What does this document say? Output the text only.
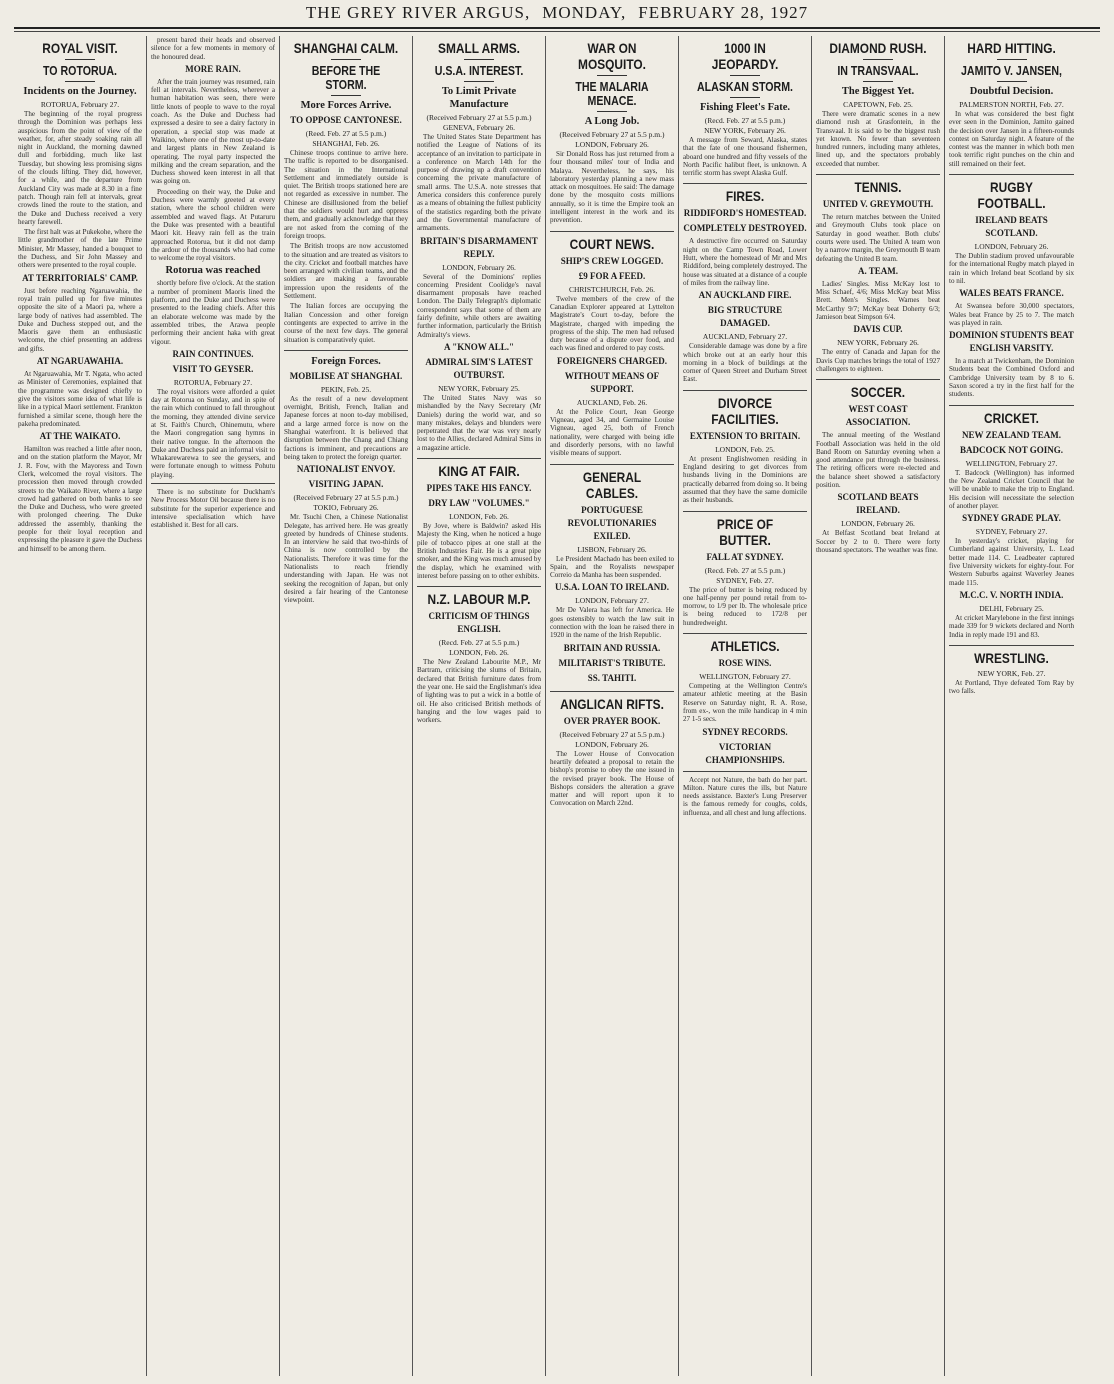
THE GREY RIVER ARGUS, MONDAY, FEBRUARY 28, 1927
ROYAL VISIT.
TO ROTORUA.
Incidents on the Journey.
ROTORUA, February 27.

The beginning of the royal progress through the Dominion was perhaps less auspicious from the point of view of the weather, for, after steady soaking rain all night in Auckland, the morning dawned dull and forbidding, much like last Tuesday, but showing less promising signs of the clouds lifting. They did, however, for a while, and the departure from Auckland City was made at 8.30 in a fine patch. Though rain fell at intervals, great crowds lined the route to the station, and the Duke and Duchess received a very hearty farewell.

The first halt was at Pukekohe, where the little grandmother of the late Prime Minister, Mr Massey, handed a bouquet to the Duchess, and Sir John Massey and others were presented to the royal couple.

AT TERRITORIALS' CAMP.

Just before reaching Ngaruawahia, the royal train pulled up for five minutes opposite the site of a Maori pa, where a large body of natives had assembled. The Duke and Duchess stepped out, and the Maoris gave them an enthusiastic welcome, the chief presenting an address and gifts.

AT NGARUAWAHIA.

At Ngaruawahia, Mr T. Ngata, who acted as Minister of Ceremonies, explained that the programme was designed chiefly to give the visitors some idea of what life is like in a typical Maori settlement. Frankton furnished a similar scene, though here the pakeha predominated.

AT THE WAIKATO.

Hamilton was reached a little after noon, and on the station platform the Mayor, Mr J. R. Fow, with the Mayoress and Town Clerk, welcomed the royal visitors. The procession then moved through crowded streets to the Waikato River, where a large crowd had gathered on both banks to see the Duke and Duchess, who were greeted with prolonged cheering. The Duke addressed the assembly, thanking the people for their loyal reception and expressing the pleasure it gave the Duchess and himself to be among them.

present bared their heads and observed silence for a few moments in memory of the honoured dead.

MORE RAIN.

After the train journey was resumed, rain fell at intervals. Nevertheless, wherever a human habitation was seen, there were little knots of people to wave to the royal coach. As the Duke and Duchess had expressed a desire to see a dairy factory in operation, a special stop was made at Waikino, where one of the most up-to-date and largest plants in New Zealand is operating. The royal party inspected the milking and the cream separation, and the Duchess showed keen interest in all that was going on.

Proceeding on their way, the Duke and Duchess were warmly greeted at every station, where the school children were assembled and waved flags. At Putaruru the Duke was presented with a beautiful Maori kit. Heavy rain fell as the train approached Rotorua, but it did not damp the ardour of the thousands who had come to welcome the royal visitors.

Rotorua was reached

shortly before five o'clock. At the station a number of prominent Maoris lined the platform, and the Duke and Duchess were presented to the leading chiefs. After this an elaborate welcome was made by the assembled tribes, the Arawa people performing their ancient haka with great vigour.

RAIN CONTINUES.
VISIT TO GEYSER.
ROTORUA, February 27.

The royal visitors were afforded a quiet day at Rotorua on Sunday, and in spite of the rain which continued to fall throughout the morning, they attended divine service at St. Faith's Church, Ohinemutu, where the Maori congregation sang hymns in their native tongue. In the afternoon the Duke and Duchess paid an informal visit to Whakarewarewa to see the geysers, and were fortunate enough to witness Pohutu playing.

There is no substitute for Duckham's New Process Motor Oil because there is no substitute for the superior experience and intensive specialisation which have established it. Best for all cars.

SHANGHAI CALM.
BEFORE THE STORM.
More Forces Arrive.
TO OPPOSE CANTONESE.
(Reed. Feb. 27 at 5.5 p.m.)
SHANGHAI, Feb. 26.

Chinese troops continue to arrive here. The traffic is reported to be disorganised. The situation in the International Settlement and immediately outside is quiet. The British troops stationed here are not regarded as excessive in number. The Chinese are disillusioned from the belief that the soldiers would hurt and oppress them, and gradually acknowledge that they are not asked from the coming of the foreign troops.

The British troops are now accustomed to the situation and are treated as visitors to the city. Cricket and football matches have been arranged with civilian teams, and the soldiers are making a favourable impression upon the residents of the Settlement.

The Italian forces are occupying the Italian Concession and other foreign contingents are expected to arrive in the course of the next few days. The general situation is comparatively quiet.

Foreign Forces.
MOBILISE AT SHANGHAI.
PEKIN, Feb. 25.

As the result of a new development overnight, British, French, Italian and Japanese forces at noon to-day mobilised, and a large armed force is now on the Shanghai waterfront. It is believed that disruption between the Chang and Chiang factions is imminent, and precautions are being taken to protect the foreign quarter.

NATIONALIST ENVOY.
VISITING JAPAN.
(Received February 27 at 5.5 p.m.)
TOKIO, February 26.

Mr. Tsuchi Chen, a Chinese Nationalist Delegate, has arrived here. He was greatly greeted by hundreds of Chinese students. In an interview he said that two-thirds of China is now controlled by the Nationalists. Therefore it was time for the Nationalists to reach friendly understanding with Japan. He was not seeking the recognition of Japan, but only desired a fair hearing of the Cantonese viewpoint.

SMALL ARMS.
U.S.A. INTEREST.
To Limit Private Manufacture
(Received February 27 at 5.5 p.m.)
GENEVA, February 26.

The United States State Department has notified the League of Nations of its acceptance of an invitation to participate in a conference on March 14th for the purpose of drawing up a draft convention concerning the private manufacture of small arms. The U.S.A. note stresses that America considers this conference purely as a means of obtaining the fullest publicity of the statistics regarding both the private and the Governmental manufacture of armaments.

BRITAIN'S DISARMAMENT REPLY.
LONDON, February 26.

Several of the Dominions' replies concerning President Coolidge's naval disarmament proposals have reached London. The Daily Telegraph's diplomatic correspondent says that some of them are fairly definite, while others are awaiting further information, particularly the British Admiralty's views.

A "KNOW ALL."
ADMIRAL SIM'S LATEST OUTBURST.
NEW YORK, February 25.

The United States Navy was so mishandled by the Navy Secretary (Mr Daniels) during the world war, and so many mistakes, delays and blunders were perpetrated that the war was very nearly lost to the Allies, declared Admiral Sims in a magazine article.

KING AT FAIR.
PIPES TAKE HIS FANCY.
DRY LAW "VOLUMES."
LONDON, Feb. 26.

By Jove, where is Baldwin? asked His Majesty the King, when he noticed a huge pile of tobacco pipes at one stall at the British Industries Fair. He is a great pipe smoker, and the King was much amused by the display, which he examined with interest before passing on to other exhibits.

N.Z. LABOUR M.P.
CRITICISM OF THINGS ENGLISH.
(Recd. Feb. 27 at 5.5 p.m.)
LONDON, Feb. 26.

The New Zealand Labourite M.P., Mr Bartram, criticising the slums of Britain, declared that British furniture dates from the year one. He said the Englishman's idea of lighting was to put a wick in a bottle of oil. He also criticised British methods of hanging and the low wages paid to workers.

WAR ON MOSQUITO.
THE MALARIA MENACE.
A Long Job.
(Received February 27 at 5.5 p.m.)
LONDON, February 26.

Sir Donald Ross has just returned from a four thousand miles' tour of India and Malaya. Nevertheless, he says, his laboratory yesterday planning a new mass attack on mosquitoes. He said: The damage done by the mosquito costs millions annually, so it is time the Empire took an intelligent interest in the work and its prevention.

COURT NEWS.
SHIP'S CREW LOGGED.
£9 FOR A FEED.
CHRISTCHURCH, Feb. 26.

Twelve members of the crew of the Canadian Explorer appeared at Lyttelton Magistrate's Court to-day, before the Magistrate, charged with impeding the progress of the ship. The men had refused duty because of a dispute over food, and each was fined and ordered to pay costs.

FOREIGNERS CHARGED.
WITHOUT MEANS OF SUPPORT.
AUCKLAND, Feb. 26.

At the Police Court, Jean George Vigneau, aged 34, and Germaine Louise Vigneau, aged 25, both of French nationality, were charged with being idle and disorderly persons, with no lawful visible means of support.

GENERAL CABLES.
PORTUGUESE REVOLUTIONARIES EXILED.
LISBON, February 26.

Le President Machado has been exiled to Spain, and the Royalists newspaper Correio da Manha has been suspended.

U.S.A. LOAN TO IRELAND.
LONDON, February 27.

Mr De Valera has left for America. He goes ostensibly to watch the law suit in connection with the loan he raised there in 1920 in the name of the Irish Republic.

BRITAIN AND RUSSIA.
MILITARIST'S TRIBUTE.
SS. TAHITI.
ANGLICAN RIFTS.
OVER PRAYER BOOK.
(Received February 27 at 5.5 p.m.)
LONDON, February 26.

The Lower House of Convocation heartily defeated a proposal to retain the bishop's promise to obey the one issued in the revised prayer book. The House of Bishops considers the alteration a grave matter and will report upon it to Convocation on March 22nd.

1000 IN JEOPARDY.
ALASKAN STORM.
Fishing Fleet's Fate.
(Recd. Feb. 27 at 5.5 p.m.)
NEW YORK, February 26.

A message from Seward, Alaska, states that the fate of one thousand fishermen, aboard one hundred and fifty vessels of the North Pacific halibut fleet, is unknown. A terrific storm has swept Alaska Gulf.

FIRES.
RIDDIFORD'S HOMESTEAD.
COMPLETELY DESTROYED.

A destructive fire occurred on Saturday night on the Camp Town Road, Lower Hutt, where the homestead of Mr and Mrs Riddiford, being completely destroyed. The house was situated at a distance of a couple of miles from the railway line.

AN AUCKLAND FIRE.
BIG STRUCTURE DAMAGED.
AUCKLAND, February 27.

Considerable damage was done by a fire which broke out at an early hour this morning in a block of buildings at the corner of Queen Street and Durham Street East.

DIVORCE FACILITIES.
EXTENSION TO BRITAIN.
LONDON, Feb. 25.

At present Englishwomen residing in England desiring to get divorces from husbands living in the Dominions are practically debarred from doing so. It being assumed that they have the same domicile as their husbands.

PRICE OF BUTTER.
FALL AT SYDNEY.
(Recd. Feb. 27 at 5.5 p.m.)
SYDNEY, Feb. 27.

The price of butter is being reduced by one half-penny per pound retail from to-morrow, to 1/9 per lb. The wholesale price is being reduced to 172/8 per hundredweight.

ATHLETICS.
ROSE WINS.
WELLINGTON, February 27.

Competing at the Wellington Centre's amateur athletic meeting at the Basin Reserve on Saturday night, R. A. Rose, from ex-, won the mile handicap in 4 min 27 1-5 secs.

SYDNEY RECORDS.
VICTORIAN CHAMPIONSHIPS.

Accept not Nature, the bath do her part. Milton. Nature cures the ills, but Nature needs assistance. Baxter's Lung Preserver is the famous remedy for coughs, colds, influenza, and all chest and lung affections.

DIAMOND RUSH.
IN TRANSVAAL.
The Biggest Yet.
CAPETOWN, Feb. 25.

There were dramatic scenes in a new diamond rush at Grasfontein, in the Transvaal. It is said to be the biggest rush yet known. No fewer than seventeen hundred runners, including many athletes, lined up, and the spectators probably exceeded that number.

TENNIS.
UNITED V. GREYMOUTH.

The return matches between the United and Greymouth Clubs took place on Saturday in good weather. Both clubs' courts were used. The United A team won by a narrow margin, the Greymouth B team defeating the United B team.

A. TEAM.

Ladies' Singles. Miss McKay lost to Miss Schaef, 4/6; Miss McKay beat Miss Brett. Men's Singles. Warnes beat McCarthy 9/7; McKay beat Doherty 6/3; Jamieson beat Simpson 6/4.

DAVIS CUP.
NEW YORK, February 26.

The entry of Canada and Japan for the Davis Cup matches brings the total of 1927 challengers to eighteen.

SOCCER.
WEST COAST ASSOCIATION.

The annual meeting of the Westland Football Association was held in the old Band Room on Saturday evening when a good attendance put through the business. The retiring officers were re-elected and the balance sheet showed a satisfactory position.

SCOTLAND BEATS IRELAND.
LONDON, February 26.

At Belfast Scotland beat Ireland at Soccer by 2 to 0. There were forty thousand spectators. The weather was fine.

HARD HITTING.
JAMITO V. JANSEN,
Doubtful Decision.
PALMERSTON NORTH, Feb. 27.

In what was considered the best fight ever seen in the Dominion, Jamito gained the decision over Jansen in a fifteen-rounds contest on Saturday night. A feature of the contest was the manner in which both men took terrific right punches on the chin and still remained on their feet.

RUGBY FOOTBALL.
IRELAND BEATS SCOTLAND.
LONDON, February 26.

The Dublin stadium proved unfavourable for the international Rugby match played in rain in which Ireland beat Scotland by six to nil.

WALES BEATS FRANCE.

At Swansea before 30,000 spectators, Wales beat France by 25 to 7. The match was played in rain.

DOMINION STUDENTS BEAT ENGLISH VARSITY.

In a match at Twickenham, the Dominion Students beat the Combined Oxford and Cambridge University team by 8 to 6. Saxon scored a try in the first half for the students.

CRICKET.
NEW ZEALAND TEAM.
BADCOCK NOT GOING.
WELLINGTON, February 27.

T. Badcock (Wellington) has informed the New Zealand Cricket Council that he will be unable to make the trip to England. His decision will necessitate the selection of another player.

SYDNEY GRADE PLAY.
SYDNEY, February 27.

In yesterday's cricket, playing for Cumberland against University, L. Lead better made 114. C. Leadbeater captured five University wickets for eighty-four. For Western Suburbs against Waverley Jeanes made 115.

M.C.C. V. NORTH INDIA.
DELHI, February 25.

At cricket Marylebone in the first innings made 339 for 9 wickets declared and North India in reply made 191 and 83.

WRESTLING.
NEW YORK, Feb. 27.

At Portland, Thye defeated Tom Ray by two falls.
